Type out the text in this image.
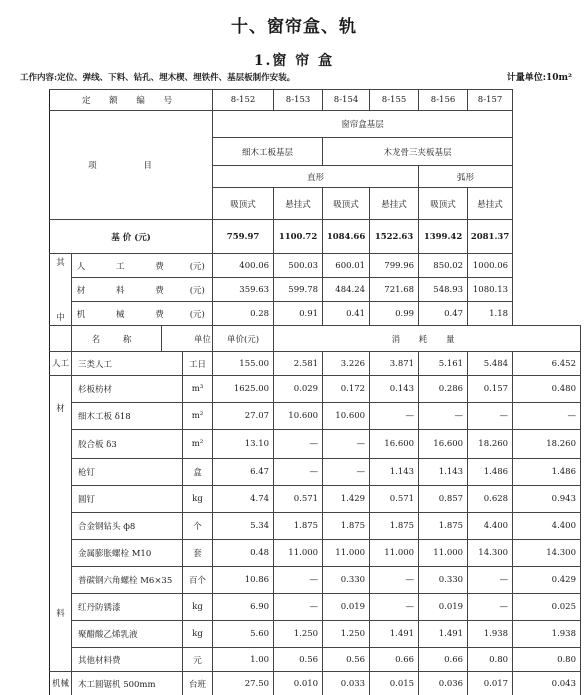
十、窗帘盒、轨
1.窗 帘 盒
工作内容:定位、弹线、下料、钻孔、埋木楔、埋铁件、基层板制作安装。	计量单位:10m²
定 额 编 号				8-152	8-153	8-154	8-155	8-156	8-157	
项 目				窗帘盒基层						
				细木工板基层		木龙骨三夹板基层				
				直形				弧形		
				吸顶式	悬挂式	吸顶式	悬挂式	吸顶式	悬挂式	
基 价 (元)				759.97	1100.72	1084.66	1522.63	1399.42	2081.37	

其
中	人 工 费		(元)	400.06	500.03	600.01	799.96	850.02	1000.06	
	材 料 费		(元)	359.63	599.78	484.24	721.68	548.93	1080.13	
	机 械 费		(元)	0.28	0.91	0.41	0.99	0.47	1.18	
	名 称	单位		单价(元)	消 耗 量					
人工	三类人工		工日	155.00	2.581	3.226	3.871	5.161	5.484	6.452

材
料	杉板枋材		m³	1625.00	0.029	0.172	0.143	0.286	0.157	0.480
	细木工板 δ18		m²	27.07	10.600	10.600	—	—	—	—
	胶合板 δ3		m²	13.10	—	—	16.600	16.600	18.260	18.260
	枪钉		盒	6.47	—	—	1.143	1.143	1.486	1.486
	圆钉		kg	4.74	0.571	1.429	0.571	0.857	0.628	0.943
	合金钢钻头 ф8		个	5.34	1.875	1.875	1.875	1.875	4.400	4.400
	金属膨胀螺栓 M10		套	0.48	11.000	11.000	11.000	11.000	14.300	14.300
	普碳钢六角螺栓 M6×35		百个	10.86	—	0.330	—	0.330	—	0.429
	红丹防锈漆		kg	6.90	—	0.019	—	0.019	—	0.025
	聚醋酸乙烯乳液		kg	5.60	1.250	1.250	1.491	1.491	1.938	1.938
	其他材料费		元	1.00	0.56	0.56	0.66	0.66	0.80	0.80
机械	木工圆锯机 500mm		台班	27.50	0.010	0.033	0.015	0.036	0.017	0.043
